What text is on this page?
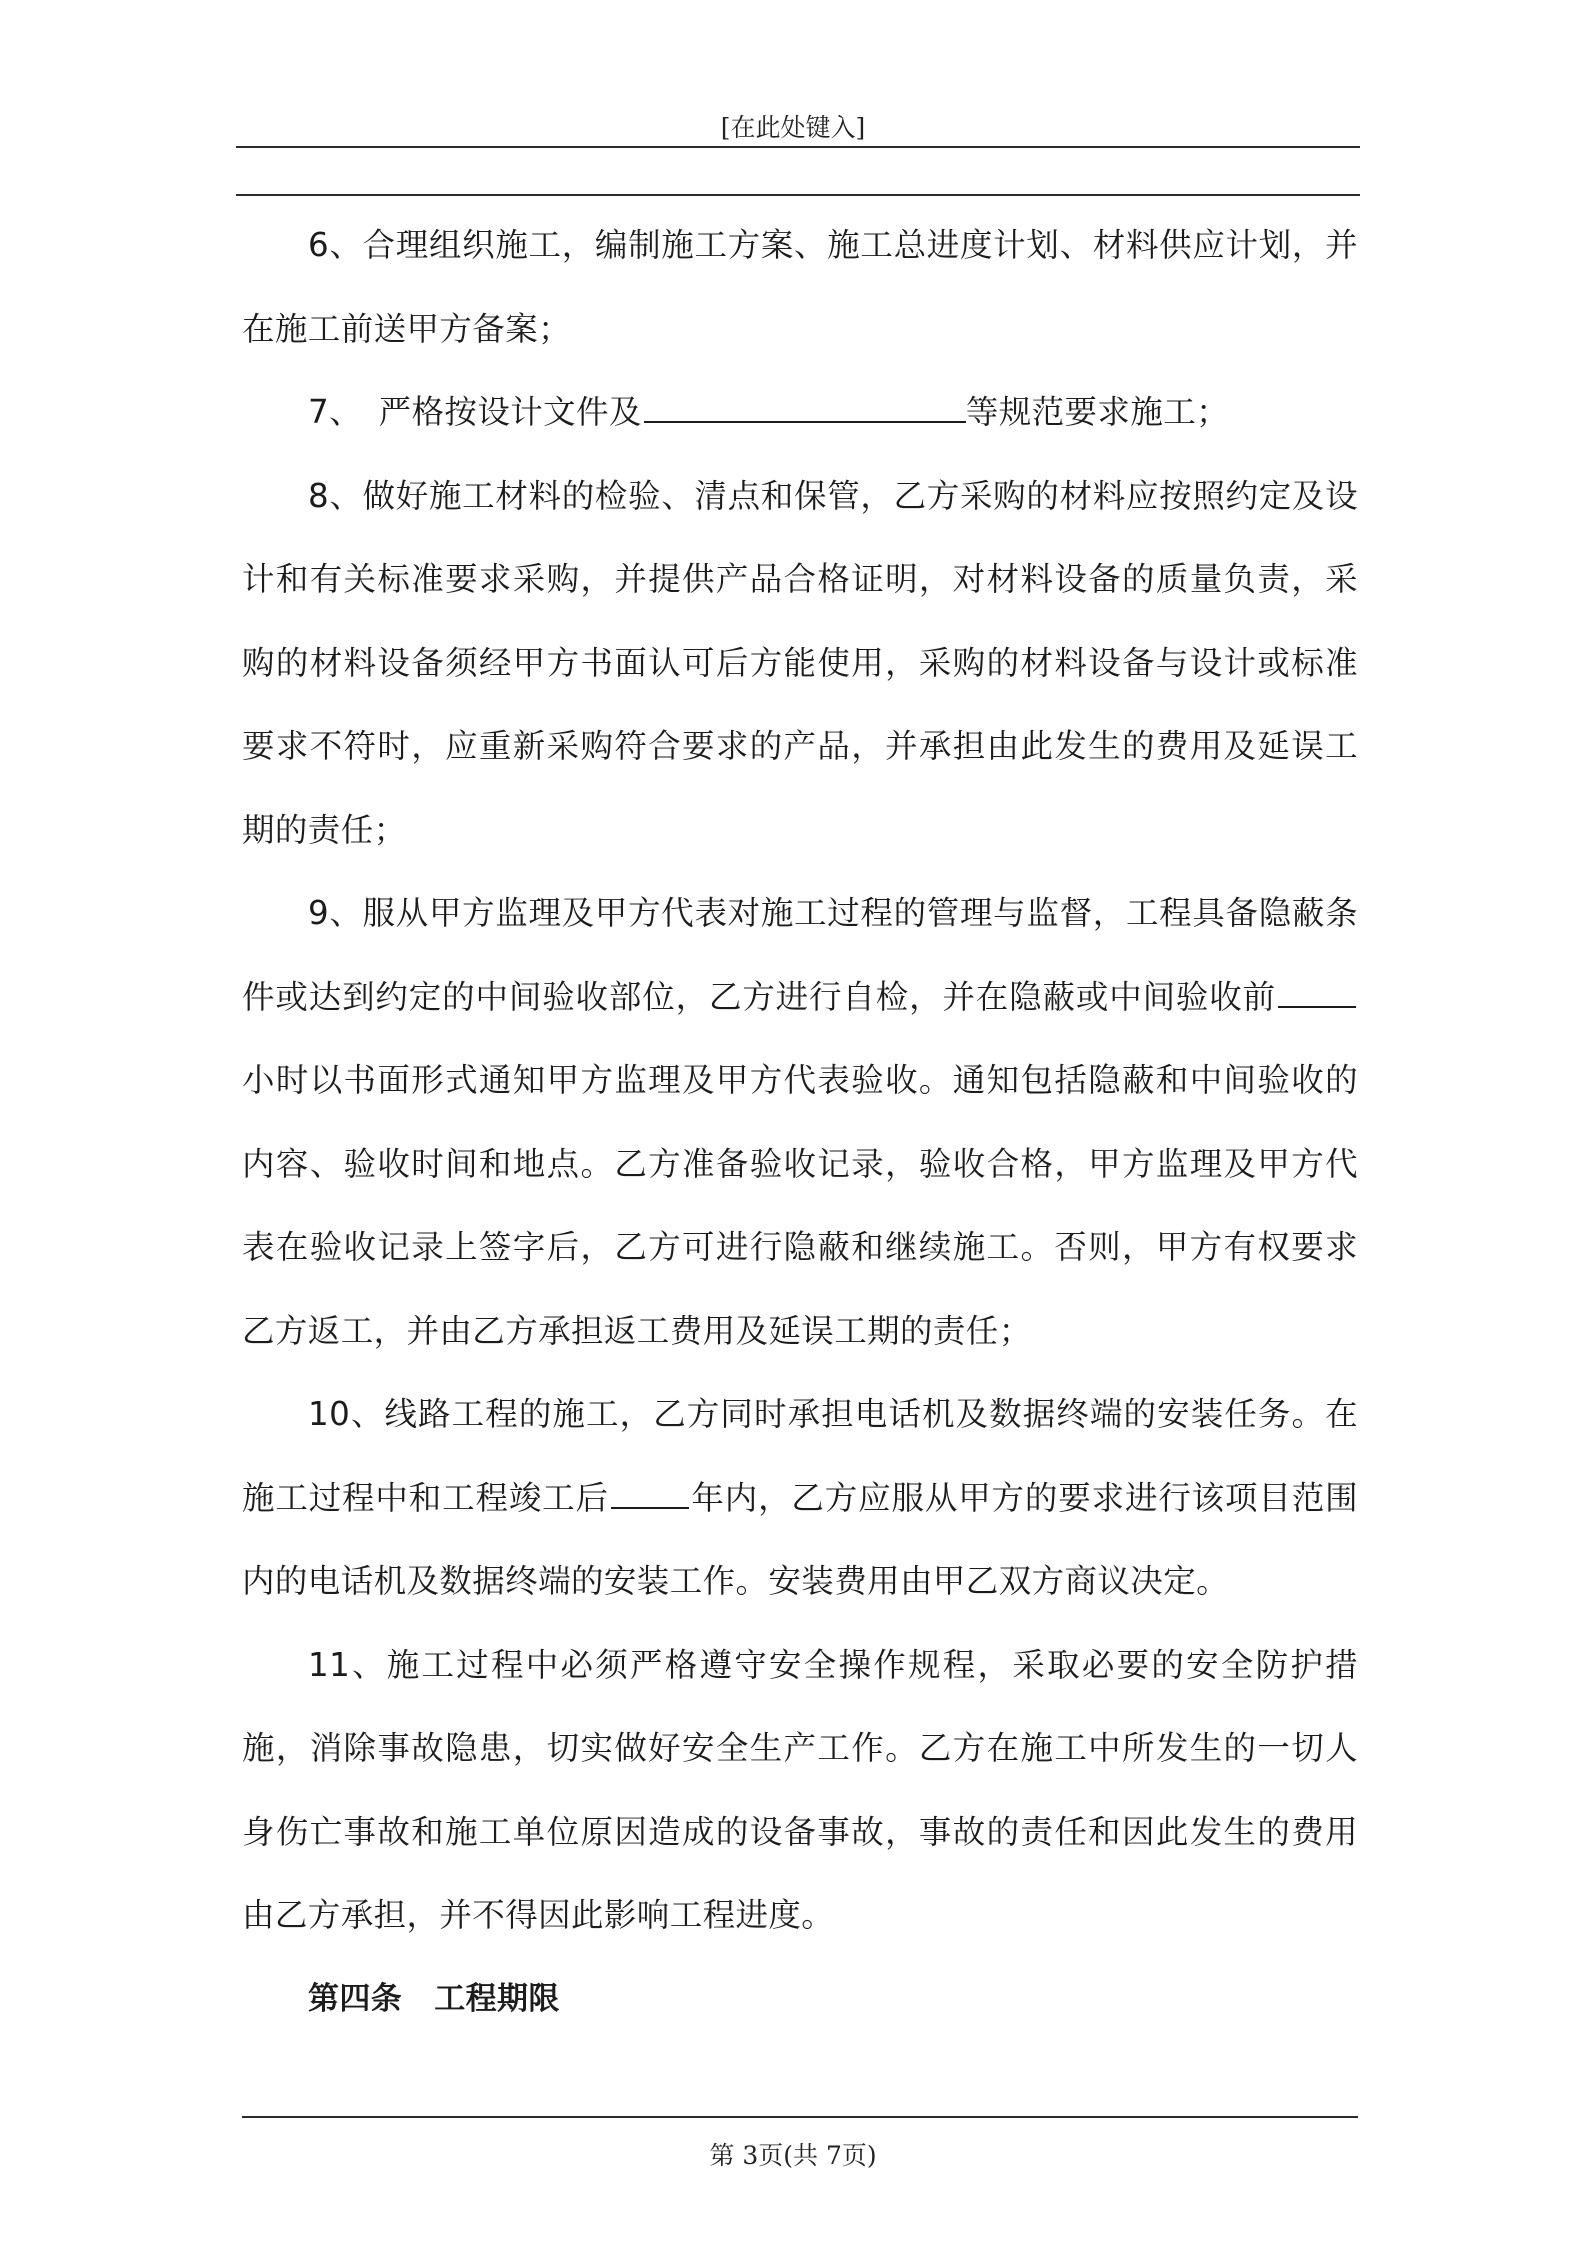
[在此处键入]

6、合理组织施工，编制施工方案、施工总进度计划、材料供应计划，并在施工前送甲方备案；

7、　严格按设计文件及	等规范要求施工；

8、做好施工材料的检验、清点和保管，乙方采购的材料应按照约定及设计和有关标准要求采购，并提供产品合格证明，对材料设备的质量负责，采购的材料设备须经甲方书面认可后方能使用，采购的材料设备与设计或标准要求不符时，应重新采购符合要求的产品，并承担由此发生的费用及延误工期的责任；

9、服从甲方监理及甲方代表对施工过程的管理与监督，工程具备隐蔽条件或达到约定的中间验收部位，乙方进行自检，并在隐蔽或中间验收前小时以书面形式通知甲方监理及甲方代表验收。通知包括隐蔽和中间验收的内容、验收时间和地点。乙方准备验收记录，验收合格，甲方监理及甲方代表在验收记录上签字后，乙方可进行隐蔽和继续施工。否则，甲方有权要求乙方返工，并由乙方承担返工费用及延误工期的责任；

10、线路工程的施工，乙方同时承担电话机及数据终端的安装任务。在施工过程中和工程竣工后	年内，乙方应服从甲方的要求进行该项目范围内的电话机及数据终端的安装工作。安装费用由甲乙双方商议决定。

11、施工过程中必须严格遵守安全操作规程，采取必要的安全防护措施，消除事故隐患，切实做好安全生产工作。乙方在施工中所发生的一切人身伤亡事故和施工单位原因造成的设备事故，事故的责任和因此发生的费用由乙方承担，并不得因此影响工程进度。

第四条 工程期限

第 3页(共 7页)
